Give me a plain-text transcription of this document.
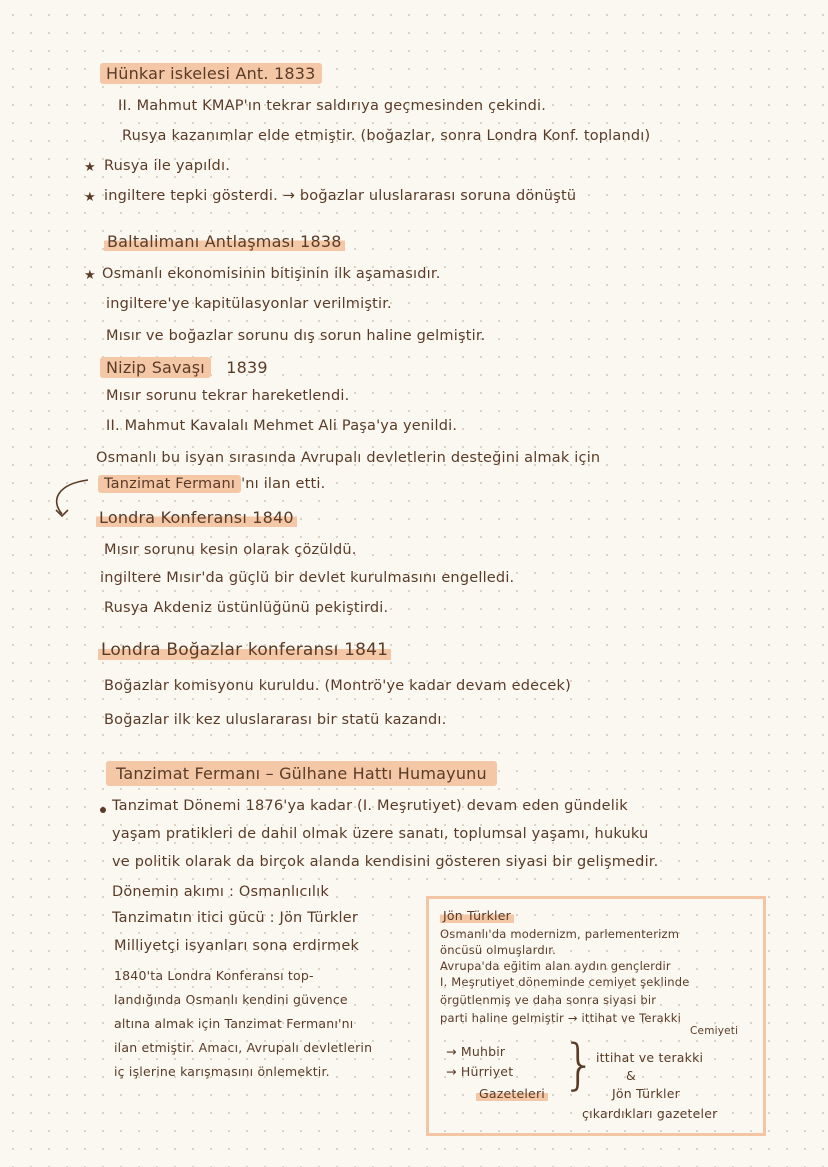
Hünkar iskelesi Ant. 1833
II. Mahmut KMAP'ın tekrar saldırıya geçmesinden çekindi.
Rusya kazanımlar elde etmiştir. (boğazlar, sonra Londra Konf. toplandı)
★ Rusya ile yapıldı.
★ ingiltere tepki gösterdi. → boğazlar uluslararası soruna dönüştü
Baltalimanı Antlaşması 1838
★ Osmanlı ekonomisinin bitişinin ilk aşamasıdır.
ingiltere'ye kapitülasyonlar verilmiştir.
Mısır ve boğazlar sorunu dış sorun haline gelmiştir.
Nizip Savaşı 1839
Mısır sorunu tekrar hareketlendi.
II. Mahmut Kavalalı Mehmet Ali Paşa'ya yenildi.
Osmanlı bu isyan sırasında Avrupalı devletlerin desteğini almak için
Tanzimat Fermanı 'nı ilan etti.
Londra Konferansı 1840
Mısır sorunu kesin olarak çözüldü.
ingiltere Mısır'da güçlü bir devlet kurulmasını engelledi.
Rusya Akdeniz üstünlüğünü pekiştirdi.
Londra Boğazlar konferansı 1841
Boğazlar komisyonu kuruldu. (Montrö'ye kadar devam edecek)
Boğazlar ilk kez uluslararası bir statü kazandı.
Tanzimat Fermanı – Gülhane Hattı Humayunu
Tanzimat Dönemi 1876'ya kadar (I. Meşrutiyet) devam eden gündelik
yaşam pratikleri de dahil olmak üzere sanatı, toplumsal yaşamı, hukuku
ve politik olarak da birçok alanda kendisini gösteren siyasi bir gelişmedir.
Dönemin akımı : Osmanlıcılık
Tanzimatın itici gücü : Jön Türkler
Milliyetçi isyanları sona erdirmek
1840'ta Londra Konferansı top-
landığında Osmanlı kendini güvence
altına almak için Tanzimat Fermanı'nı
ilan etmiştir. Amacı, Avrupalı devletlerin
iç işlerine karışmasını önlemektir.
Jön Türkler
Osmanlı'da modernizm, parlementerizm
öncüsü olmuşlardır.
Avrupa'da eğitim alan aydın gençlerdir
I. Meşrutiyet döneminde cemiyet şeklinde
örgütlenmiş ve daha sonra siyasi bir
parti haline gelmiştir → ittihat ve Terakki
Cemiyeti
→ Muhbir
→ Hürriyet
Gazeteleri } ittihat ve terakki
&
Jön Türkler
çıkardıkları gazeteler
